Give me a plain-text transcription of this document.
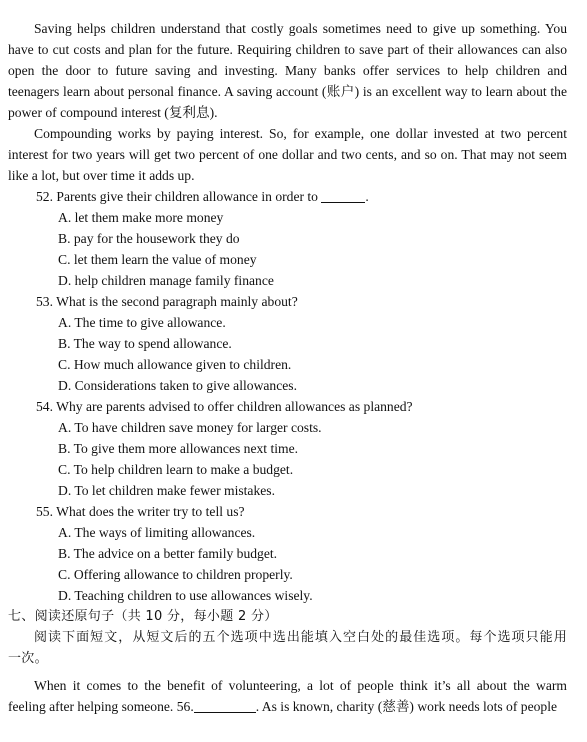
Saving helps children understand that costly goals sometimes need to give up something. You
have to cut costs and plan for the future. Requiring children to save part of their allowances can also
open the door to future saving and investing. Many banks offer services to help children and
teenagers learn about personal finance. A saving account (账户) is an excellent way to learn about the
power of compound interest (复利息).
Compounding works by paying interest. So, for example, one dollar invested at two percent
interest for two years will get two percent of one dollar and two cents, and so on. That may not seem
like a lot, but over time it adds up.
52. Parents give their children allowance in order to	.
A. let them make more money
B. pay for the housework they do
C. let them learn the value of money
D. help children manage family finance
53. What is the second paragraph mainly about?
A. The time to give allowance.
B. The way to spend allowance.
C. How much allowance given to children.
D. Considerations taken to give allowances.
54. Why are parents advised to offer children allowances as planned?
A. To have children save money for larger costs.
B. To give them more allowances next time.
C. To help children learn to make a budget.
D. To let children make fewer mistakes.
55. What does the writer try to tell us?
A. The ways of limiting allowances.
B. The advice on a better family budget.
C. Offering allowance to children properly.
D. Teaching children to use allowances wisely.
七、阅读还原句子（共 10 分，每小题 2 分）
阅读下面短文，从短文后的五个选项中选出能填入空白处的最佳选项。每个选项只能用
一次。
When it comes to the benefit of volunteering, a lot of people think it’s all about the warm
feeling after helping someone. 56.	. As is known, charity (慈善) work needs lots of people
